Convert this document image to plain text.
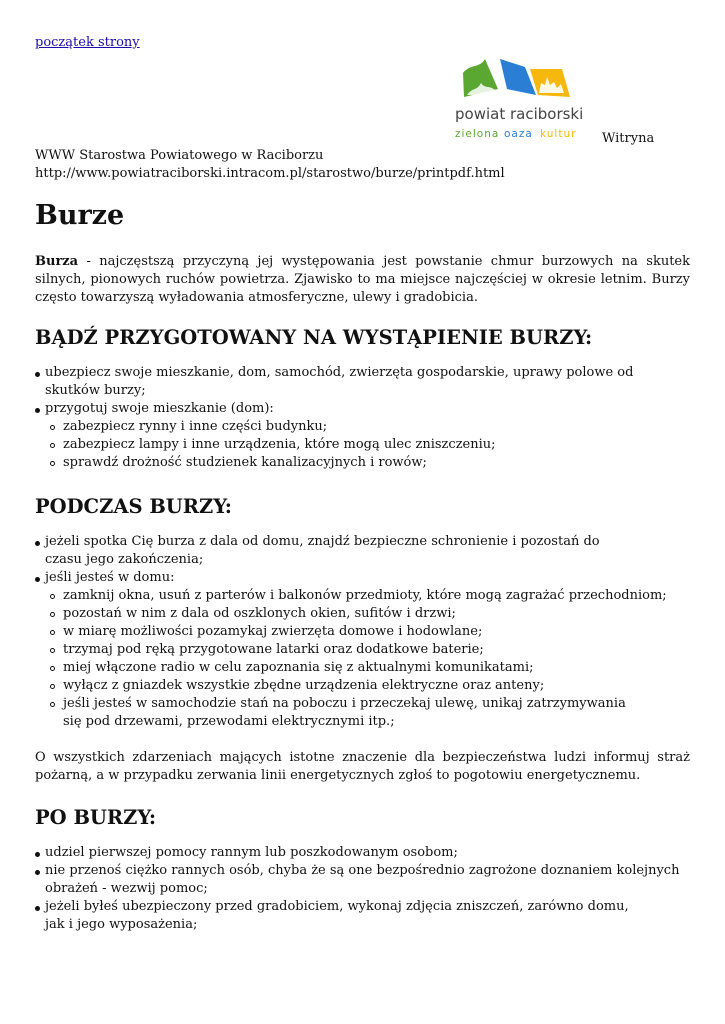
początek strony
powiat raciborski
zielona oaza kultur Witryna
WWW Starostwa Powiatowego w Raciborzu
http://www.powiatraciborski.intracom.pl/starostwo/burze/printpdf.html
Burze

Burza - najczęstszą przyczyną jej występowania jest powstanie chmur burzowych na skutek silnych, pionowych ruchów powietrza. Zjawisko to ma miejsce najczęściej w okresie letnim. Burzy często towarzyszą wyładowania atmosferyczne, ulewy i gradobicia.

BĄDŹ PRZYGOTOWANY NA WYSTĄPIENIE BURZY:
ubezpiecz swoje mieszkanie, dom, samochód, zwierzęta gospodarskie, uprawy polowe od skutków burzy;
przygotuj swoje mieszkanie (dom):
zabezpiecz rynny i inne części budynku;
zabezpiecz lampy i inne urządzenia, które mogą ulec zniszczeniu;
sprawdź drożność studzienek kanalizacyjnych i rowów;
PODCZAS BURZY:
jeżeli spotka Cię burza z dala od domu, znajdź bezpieczne schronienie i pozostań do czasu jego zakończenia;
jeśli jesteś w domu:
zamknij okna, usuń z parterów i balkonów przedmioty, które mogą zagrażać przechodniom;
pozostań w nim z dala od oszklonych okien, sufitów i drzwi;
w miarę możliwości pozamykaj zwierzęta domowe i hodowlane;
trzymaj pod ręką przygotowane latarki oraz dodatkowe baterie;
miej włączone radio w celu zapoznania się z aktualnymi komunikatami;
wyłącz z gniazdek wszystkie zbędne urządzenia elektryczne oraz anteny;
jeśli jesteś w samochodzie stań na poboczu i przeczekaj ulewę, unikaj zatrzymywania się pod drzewami, przewodami elektrycznymi itp.;

O wszystkich zdarzeniach mających istotne znaczenie dla bezpieczeństwa ludzi informuj straż pożarną, a w przypadku zerwania linii energetycznych zgłoś to pogotowiu energetycznemu.

PO BURZY:
udziel pierwszej pomocy rannym lub poszkodowanym osobom;
nie przenoś ciężko rannych osób, chyba że są one bezpośrednio zagrożone doznaniem kolejnych obrażeń - wezwij pomoc;
jeżeli byłeś ubezpieczony przed gradobiciem, wykonaj zdjęcia zniszczeń, zarówno domu, jak i jego wyposażenia;
